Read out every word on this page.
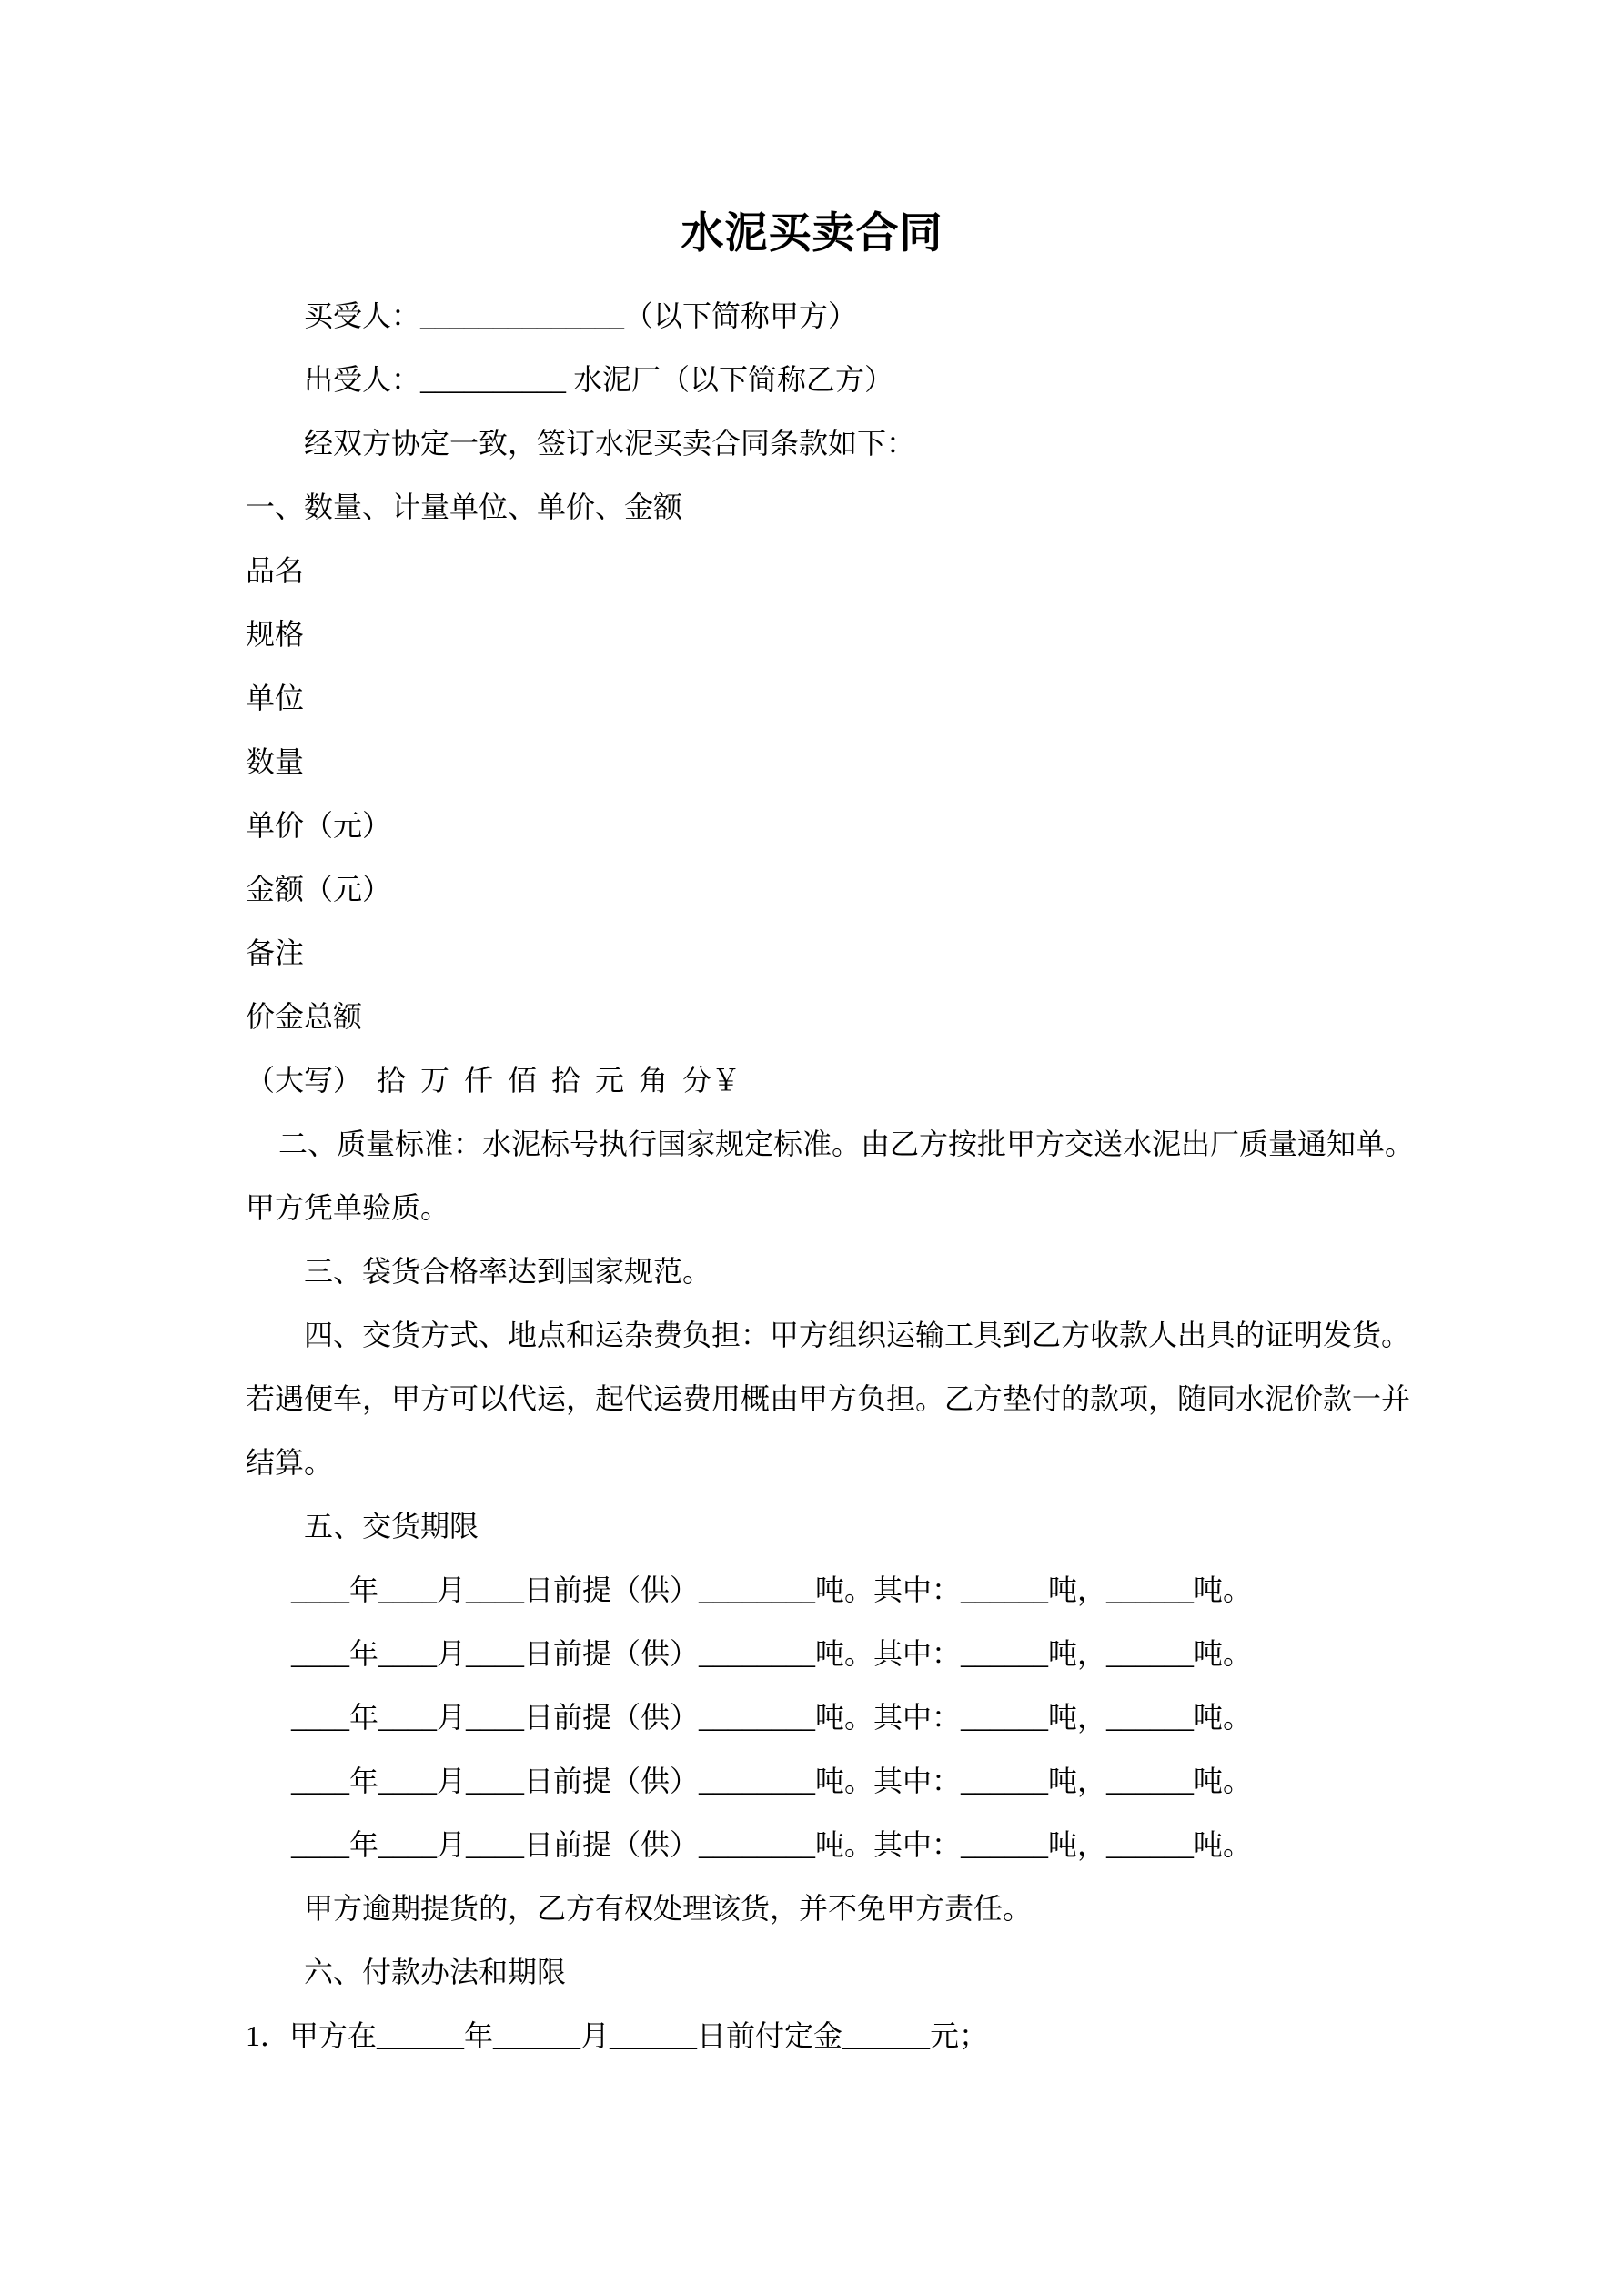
水泥买卖合同
买受人：______________（以下简称甲方）
出受人：__________ 水泥厂（以下简称乙方）
经双方协定一致，签订水泥买卖合同条款如下：
一、数量、计量单位、单价、金额
品名
规格
单位
数量
单价（元）
金额（元）
备注
价金总额
（大写）  拾  万  仟  佰  拾  元  角  分￥
二、质量标准：水泥标号执行国家规定标准。由乙方按批甲方交送水泥出厂质量通知单。
甲方凭单验质。
三、袋货合格率达到国家规范。
四、交货方式、地点和运杂费负担：甲方组织运输工具到乙方收款人出具的证明发货。
若遇便车，甲方可以代运，起代运费用概由甲方负担。乙方垫付的款项，随同水泥价款一并
结算。
五、交货期限
____年____月____日前提（供）________吨。其中：______吨，______吨。
____年____月____日前提（供）________吨。其中：______吨，______吨。
____年____月____日前提（供）________吨。其中：______吨，______吨。
____年____月____日前提（供）________吨。其中：______吨，______吨。
____年____月____日前提（供）________吨。其中：______吨，______吨。
甲方逾期提货的，乙方有权处理该货，并不免甲方责任。
六、付款办法和期限
1．甲方在______年______月______日前付定金______元；
